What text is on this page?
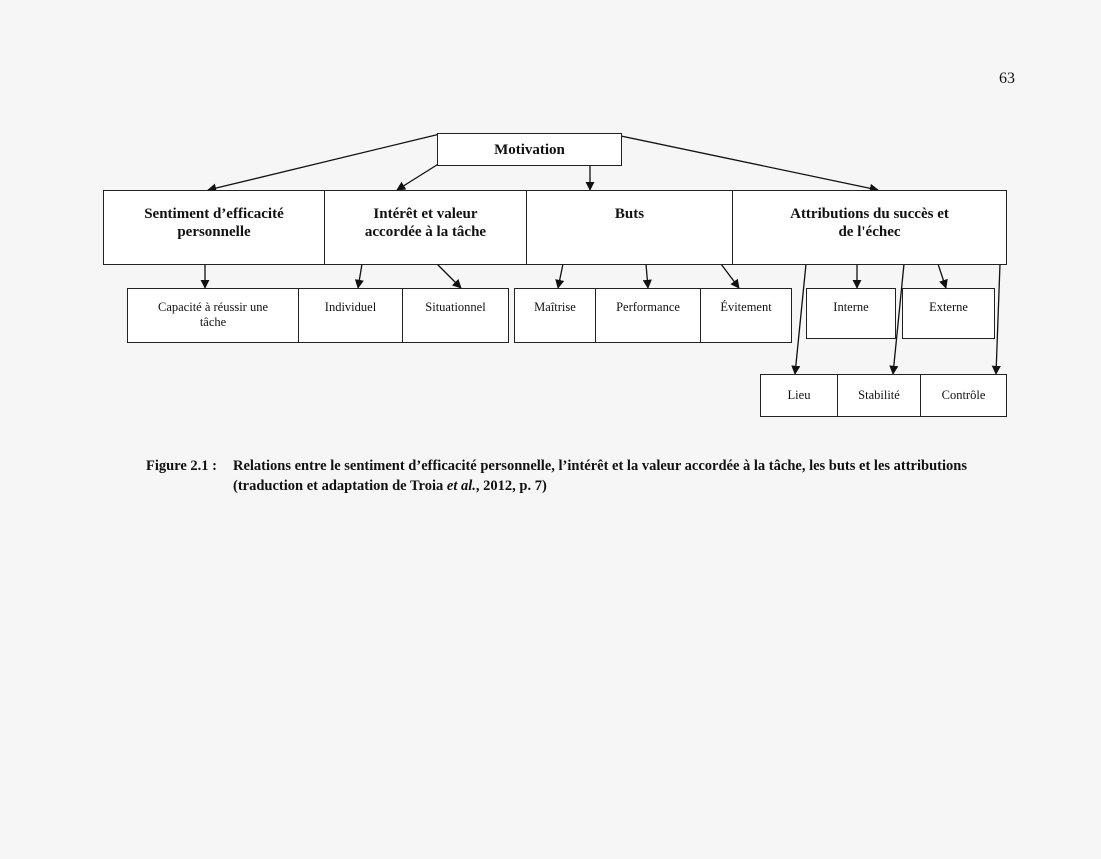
63
Motivation
Sentiment d’efficacité
personnelle
Intérêt et valeur
accordée à la tâche
Buts	Attributions du succès et
de l'échec
Capacité à réussir une
tâche
Individuel	Situationnel	Maîtrise	Performance	Évitement	Interne	Externe
Lieu	Stabilité	Contrôle
Figure 2.1 : Relations entre le sentiment d’efficacité personnelle, l’intérêt et la valeur accordée à la tâche, les buts et les attributions (traduction et adaptation de Troia et al., 2012, p. 7)
